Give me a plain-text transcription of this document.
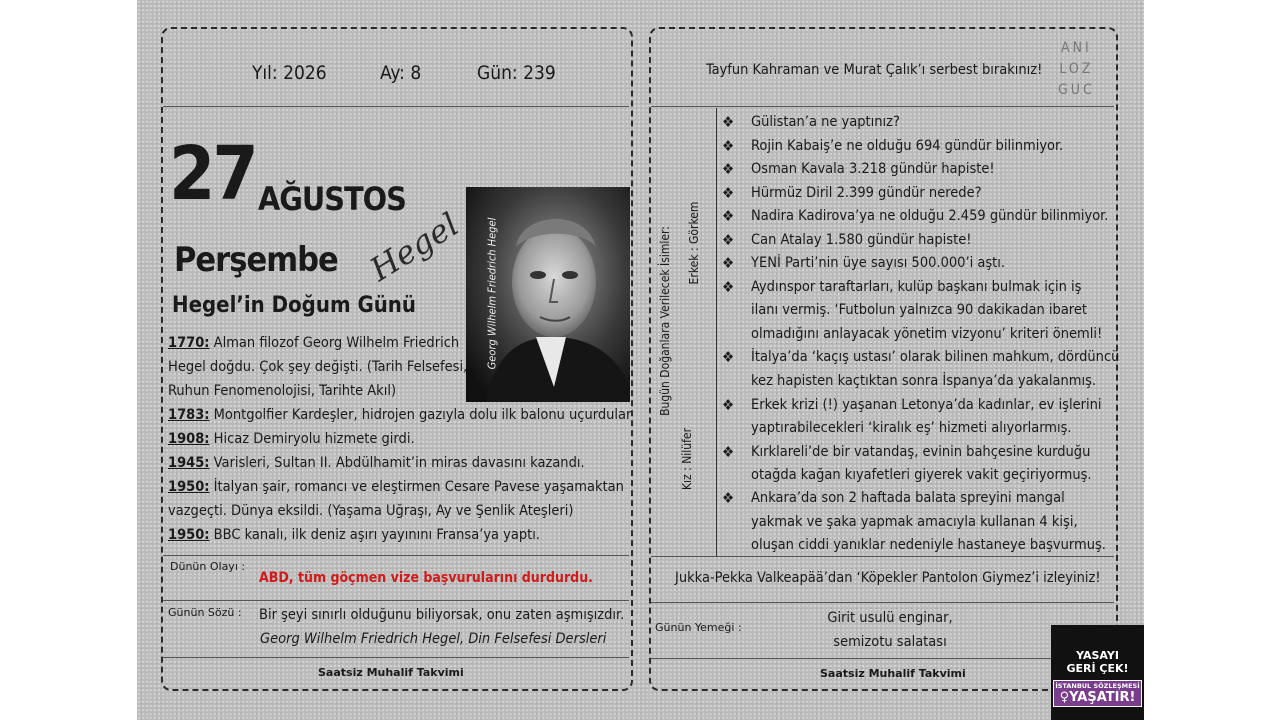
Yıl: 2026	Ay: 8	Gün: 239
27 AĞUSTOS
Perşembe Hegel
Hegel’in Doğum Günü	Georg Wilhelm Friedrich Hegel
1770: Alman filozof Georg Wilhelm Friedrich
Hegel doğdu. Çok şey değişti. (Tarih Felsefesi,
Ruhun Fenomenolojisi, Tarihte Akıl)
1783: Montgolfier Kardeşler, hidrojen gazıyla dolu ilk balonu uçurdular
1908: Hicaz Demiryolu hizmete girdi.
1945: Varisleri, Sultan II. Abdülhamit’in miras davasını kazandı.
1950: İtalyan şair, romancı ve eleştirmen Cesare Pavese yaşamaktan
vazgeçti. Dünya eksildi. (Yaşama Uğraşı, Ay ve Şenlik Ateşleri)
1950: BBC kanalı, ilk deniz aşırı yayınını Fransa’ya yaptı.
Dünün Olayı :
ABD, tüm göçmen vize başvurularını durdurdu.
Günün Sözü : Bir şeyi sınırlı olduğunu biliyorsak, onu zaten aşmışızdır.
Georg Wilhelm Friedrich Hegel, Din Felsefesi Dersleri
Saatsiz Muhalif Takvimi
Tayfun Kahraman ve Murat Çalık’ı serbest bırakınız!
ANI
LOZ
GUC
Bugün Doğanlara Verilecek İsimler: Erkek : Görkem
Kız : Nilüfer
❖ Gülistan’a ne yaptınız?
❖ Rojin Kabaiş’e ne olduğu 694 gündür bilinmiyor.
❖ Osman Kavala 3.218 gündür hapiste!
❖ Hürmüz Diril 2.399 gündür nerede?
❖ Nadira Kadirova’ya ne olduğu 2.459 gündür bilinmiyor.
❖ Can Atalay 1.580 gündür hapiste!
❖ YENİ Parti’nin üye sayısı 500.000’i aştı.
❖ Aydınspor taraftarları, kulüp başkanı bulmak için iş
ilanı vermiş. ‘Futbolun yalnızca 90 dakikadan ibaret
olmadığını anlayacak yönetim vizyonu’ kriteri önemli!
❖ İtalya’da ‘kaçış ustası’ olarak bilinen mahkum, dördüncü
kez hapisten kaçtıktan sonra İspanya’da yakalanmış.
❖ Erkek krizi (!) yaşanan Letonya’da kadınlar, ev işlerini
yaptırabilecekleri ‘kiralık eş’ hizmeti alıyorlarmış.
❖ Kırklareli’de bir vatandaş, evinin bahçesine kurduğu
otağda kağan kıyafetleri giyerek vakit geçiriyormuş.
❖ Ankara’da son 2 haftada balata spreyini mangal
yakmak ve şaka yapmak amacıyla kullanan 4 kişi,
oluşan ciddi yanıklar nedeniyle hastaneye başvurmuş.
Jukka-Pekka Valkeapää’dan ‘Köpekler Pantolon Giymez’i izleyiniz!
Günün Yemeği :
Girit usulü enginar,
semizotu salatası
Saatsiz Muhalif Takvimi
YASAYI
GERİ ÇEK!
İSTANBUL SÖZLEŞMESİ
♀YAŞATIR!
